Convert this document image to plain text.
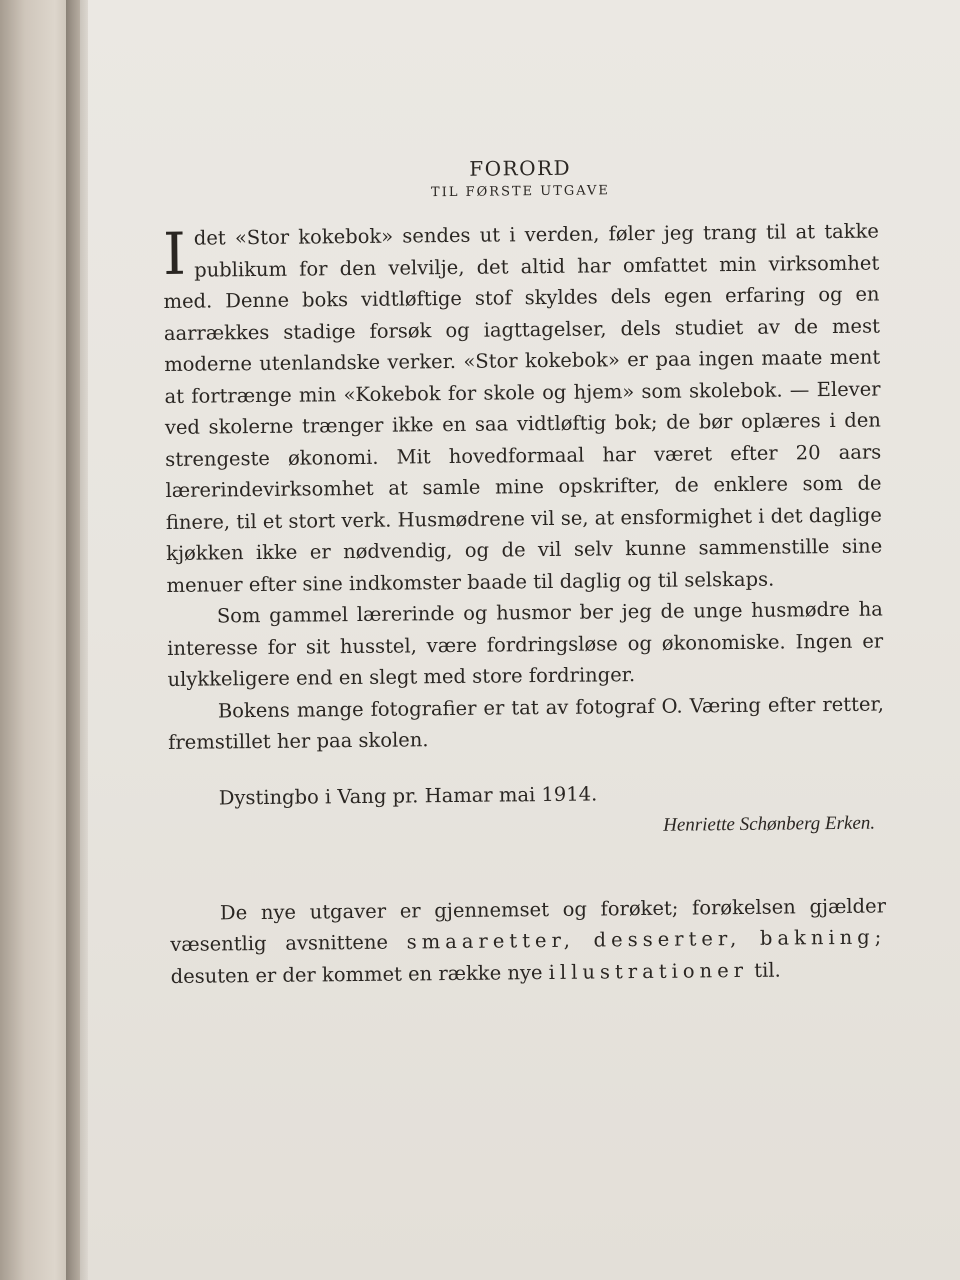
FORORD
TIL FØRSTE UTGAVE

Idet «Stor kokebok» sendes ut i verden, føler jeg trang til at takke publikum for den velvilje, det altid har omfattet min virksomhet med. Denne boks vidtløftige stof skyldes dels egen erfaring og en aarrækkes stadige forsøk og iagttagelser, dels studiet av de mest moderne utenlandske verker. «Stor kokebok» er paa ingen maate ment at fortrænge min «Kokebok for skole og hjem» som skolebok. — Elever ved skolerne trænger ikke en saa vidtløftig bok; de bør oplæres i den strengeste økonomi. Mit hovedformaal har været efter 20 aars lærerindevirksomhet at samle mine opskrifter, de enklere som de finere, til et stort verk. Husmødrene vil se, at ensformighet i det daglige kjøkken ikke er nødvendig, og de vil selv kunne sammenstille sine menuer efter sine indkomster baade til daglig og til selskaps.

Som gammel lærerinde og husmor ber jeg de unge husmødre ha interesse for sit husstel, være fordringsløse og økonomiske. Ingen er ulykkeligere end en slegt med store fordringer.

Bokens mange fotografier er tat av fotograf O. Væring efter retter, fremstillet her paa skolen.

Dystingbo i Vang pr. Hamar mai 1914.
Henriette Schønberg Erken.

De nye utgaver er gjennemset og forøket; forøkelsen gjælder væsentlig avsnittene smaaretter, desserter, bakning; desuten er der kommet en række nye illustrationer til.
